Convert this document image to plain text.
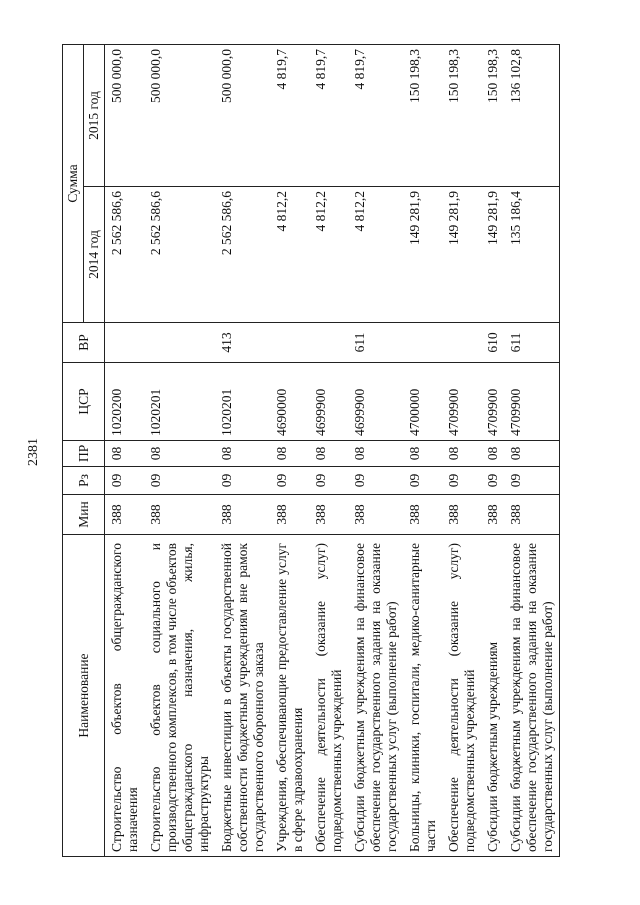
2381
Наименование	Мин	Рз	ПР	ЦСР	ВР	Сумма	
						2014 год	2015 год
Строительство объектов общегражданского назначения	388	09	08	1020200		2 562 586,6	500 000,0
Строительство объектов социального и производственного комплексов, в том числе объектов общегражданского назначения, жилья, инфраструктуры	388	09	08	1020201		2 562 586,6	500 000,0
Бюджетные инвестиции в объекты государственной собственности бюджетным учреждениям вне рамок государственного оборонного заказа	388	09	08	1020201	413	2 562 586,6	500 000,0
Учреждения, обеспечивающие предоставление услуг в сфере здравоохранения	388	09	08	4690000		4 812,2	4 819,7
Обеспечение деятельности (оказание услуг) подведомственных учреждений	388	09	08	4699900		4 812,2	4 819,7
Субсидии бюджетным учреждениям на финансовое обеспечение государственного задания на оказание государственных услуг (выполнение работ)	388	09	08	4699900	611	4 812,2	4 819,7
Больницы, клиники, госпитали, медико-санитарные части	388	09	08	4700000		149 281,9	150 198,3
Обеспечение деятельности (оказание услуг) подведомственных учреждений	388	09	08	4709900		149 281,9	150 198,3
Субсидии бюджетным учреждениям	388	09	08	4709900	610	149 281,9	150 198,3
Субсидии бюджетным учреждениям на финансовое обеспечение государственного задания на оказание государственных услуг (выполнение работ)	388	09	08	4709900	611	135 186,4	136 102,8
